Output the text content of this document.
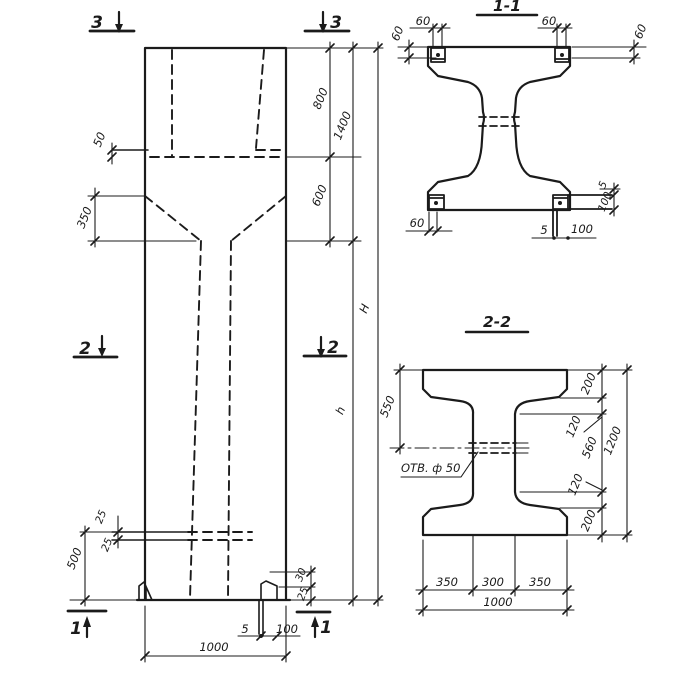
3	3
2	2
1	1
50
350
25
25
500
800
600
1400
H
h
30
25
5 100
1000
1-1
60	60
60	60
60	5 100
5
100
2-2
ОТВ. ф 50
550
200
120
560
120
200
1200
350 300 350
1000
